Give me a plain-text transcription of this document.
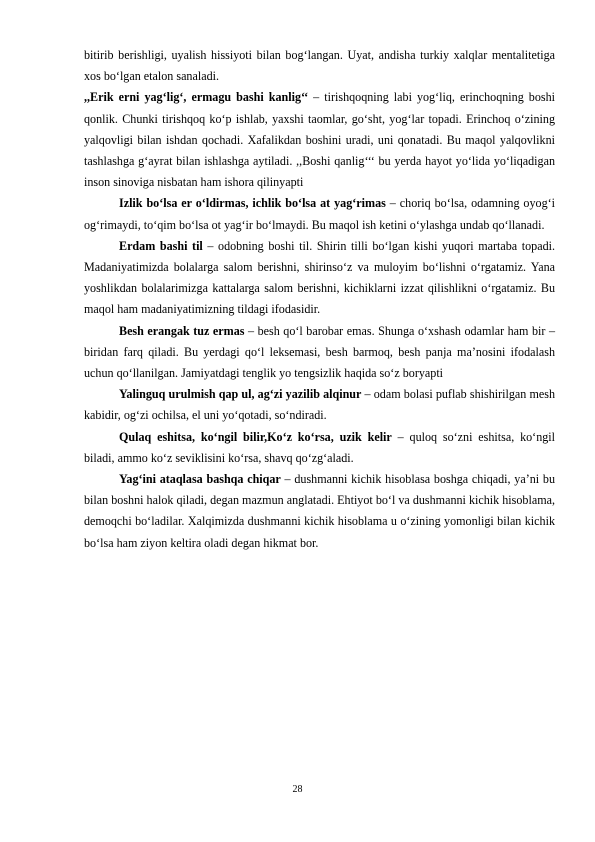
bitirib berishligi, uyalish hissiyoti bilan bog‘langan. Uyat, andisha turkiy xalqlar mentalitetiga xos bo‘lgan etalon sanaladi.

,,Erik erni yag‘lig‘, ermagu bashi kanlig‘‘ – tirishqoqning labi yog‘liq, erinchoqning boshi qonlik. Chunki tirishqoq ko‘p ishlab, yaxshi taomlar, go‘sht, yog‘lar topadi. Erinchoq o‘zining yalqovligi bilan ishdan qochadi. Xafalikdan boshini uradi, uni qonatadi. Bu maqol yalqovlikni tashlashga g‘ayrat bilan ishlashga aytiladi. ,,Boshi qanlig‘‘‘ bu yerda hayot yo‘lida yo‘liqadigan inson sinoviga nisbatan ham ishora qilinyapti

Izlik bo‘lsa er o‘ldirmas, ichlik bo‘lsa at yag‘rimas – choriq bo‘lsa, odamning oyog‘i og‘rimaydi, to‘qim bo‘lsa ot yag‘ir bo‘lmaydi. Bu maqol ish ketini o‘ylashga undab qo‘llanadi.

Erdam bashi til – odobning boshi til. Shirin tilli bo‘lgan kishi yuqori martaba topadi. Madaniyatimizda bolalarga salom berishni, shirinso‘z va muloyim bo‘lishni o‘rgatamiz. Yana yoshlikdan bolalarimizga kattalarga salom berishni, kichiklarni izzat qilishlikni o‘rgatamiz. Bu maqol ham madaniyatimizning tildagi ifodasidir.

Besh erangak tuz ermas – besh qo‘l barobar emas. Shunga o‘xshash odamlar ham bir – biridan farq qiladi. Bu yerdagi qo‘l leksemasi, besh barmoq, besh panja ma’nosini ifodalash uchun qo‘llanilgan. Jamiyatdagi tenglik yo tengsizlik haqida so‘z boryapti

Yalinguq urulmish qap ul, ag‘zi yazilib alqinur – odam bolasi puflab shishirilgan mesh kabidir, og‘zi ochilsa, el uni yo‘qotadi, so‘ndiradi.

Qulaq eshitsa, ko‘ngil bilir,Ko‘z ko‘rsa, uzik kelir – quloq so‘zni eshitsa, ko‘ngil biladi, ammo ko‘z seviklisini ko‘rsa, shavq qo‘zg‘aladi.

Yag‘ini ataqlasa bashqa chiqar – dushmanni kichik hisoblasa boshga chiqadi, ya’ni bu bilan boshni halok qiladi, degan mazmun anglatadi. Ehtiyot bo‘l va dushmanni kichik hisoblama, demoqchi bo‘ladilar. Xalqimizda dushmanni kichik hisoblama u o‘zining yomonligi bilan kichik bo‘lsa ham ziyon keltira oladi degan hikmat bor.

28
